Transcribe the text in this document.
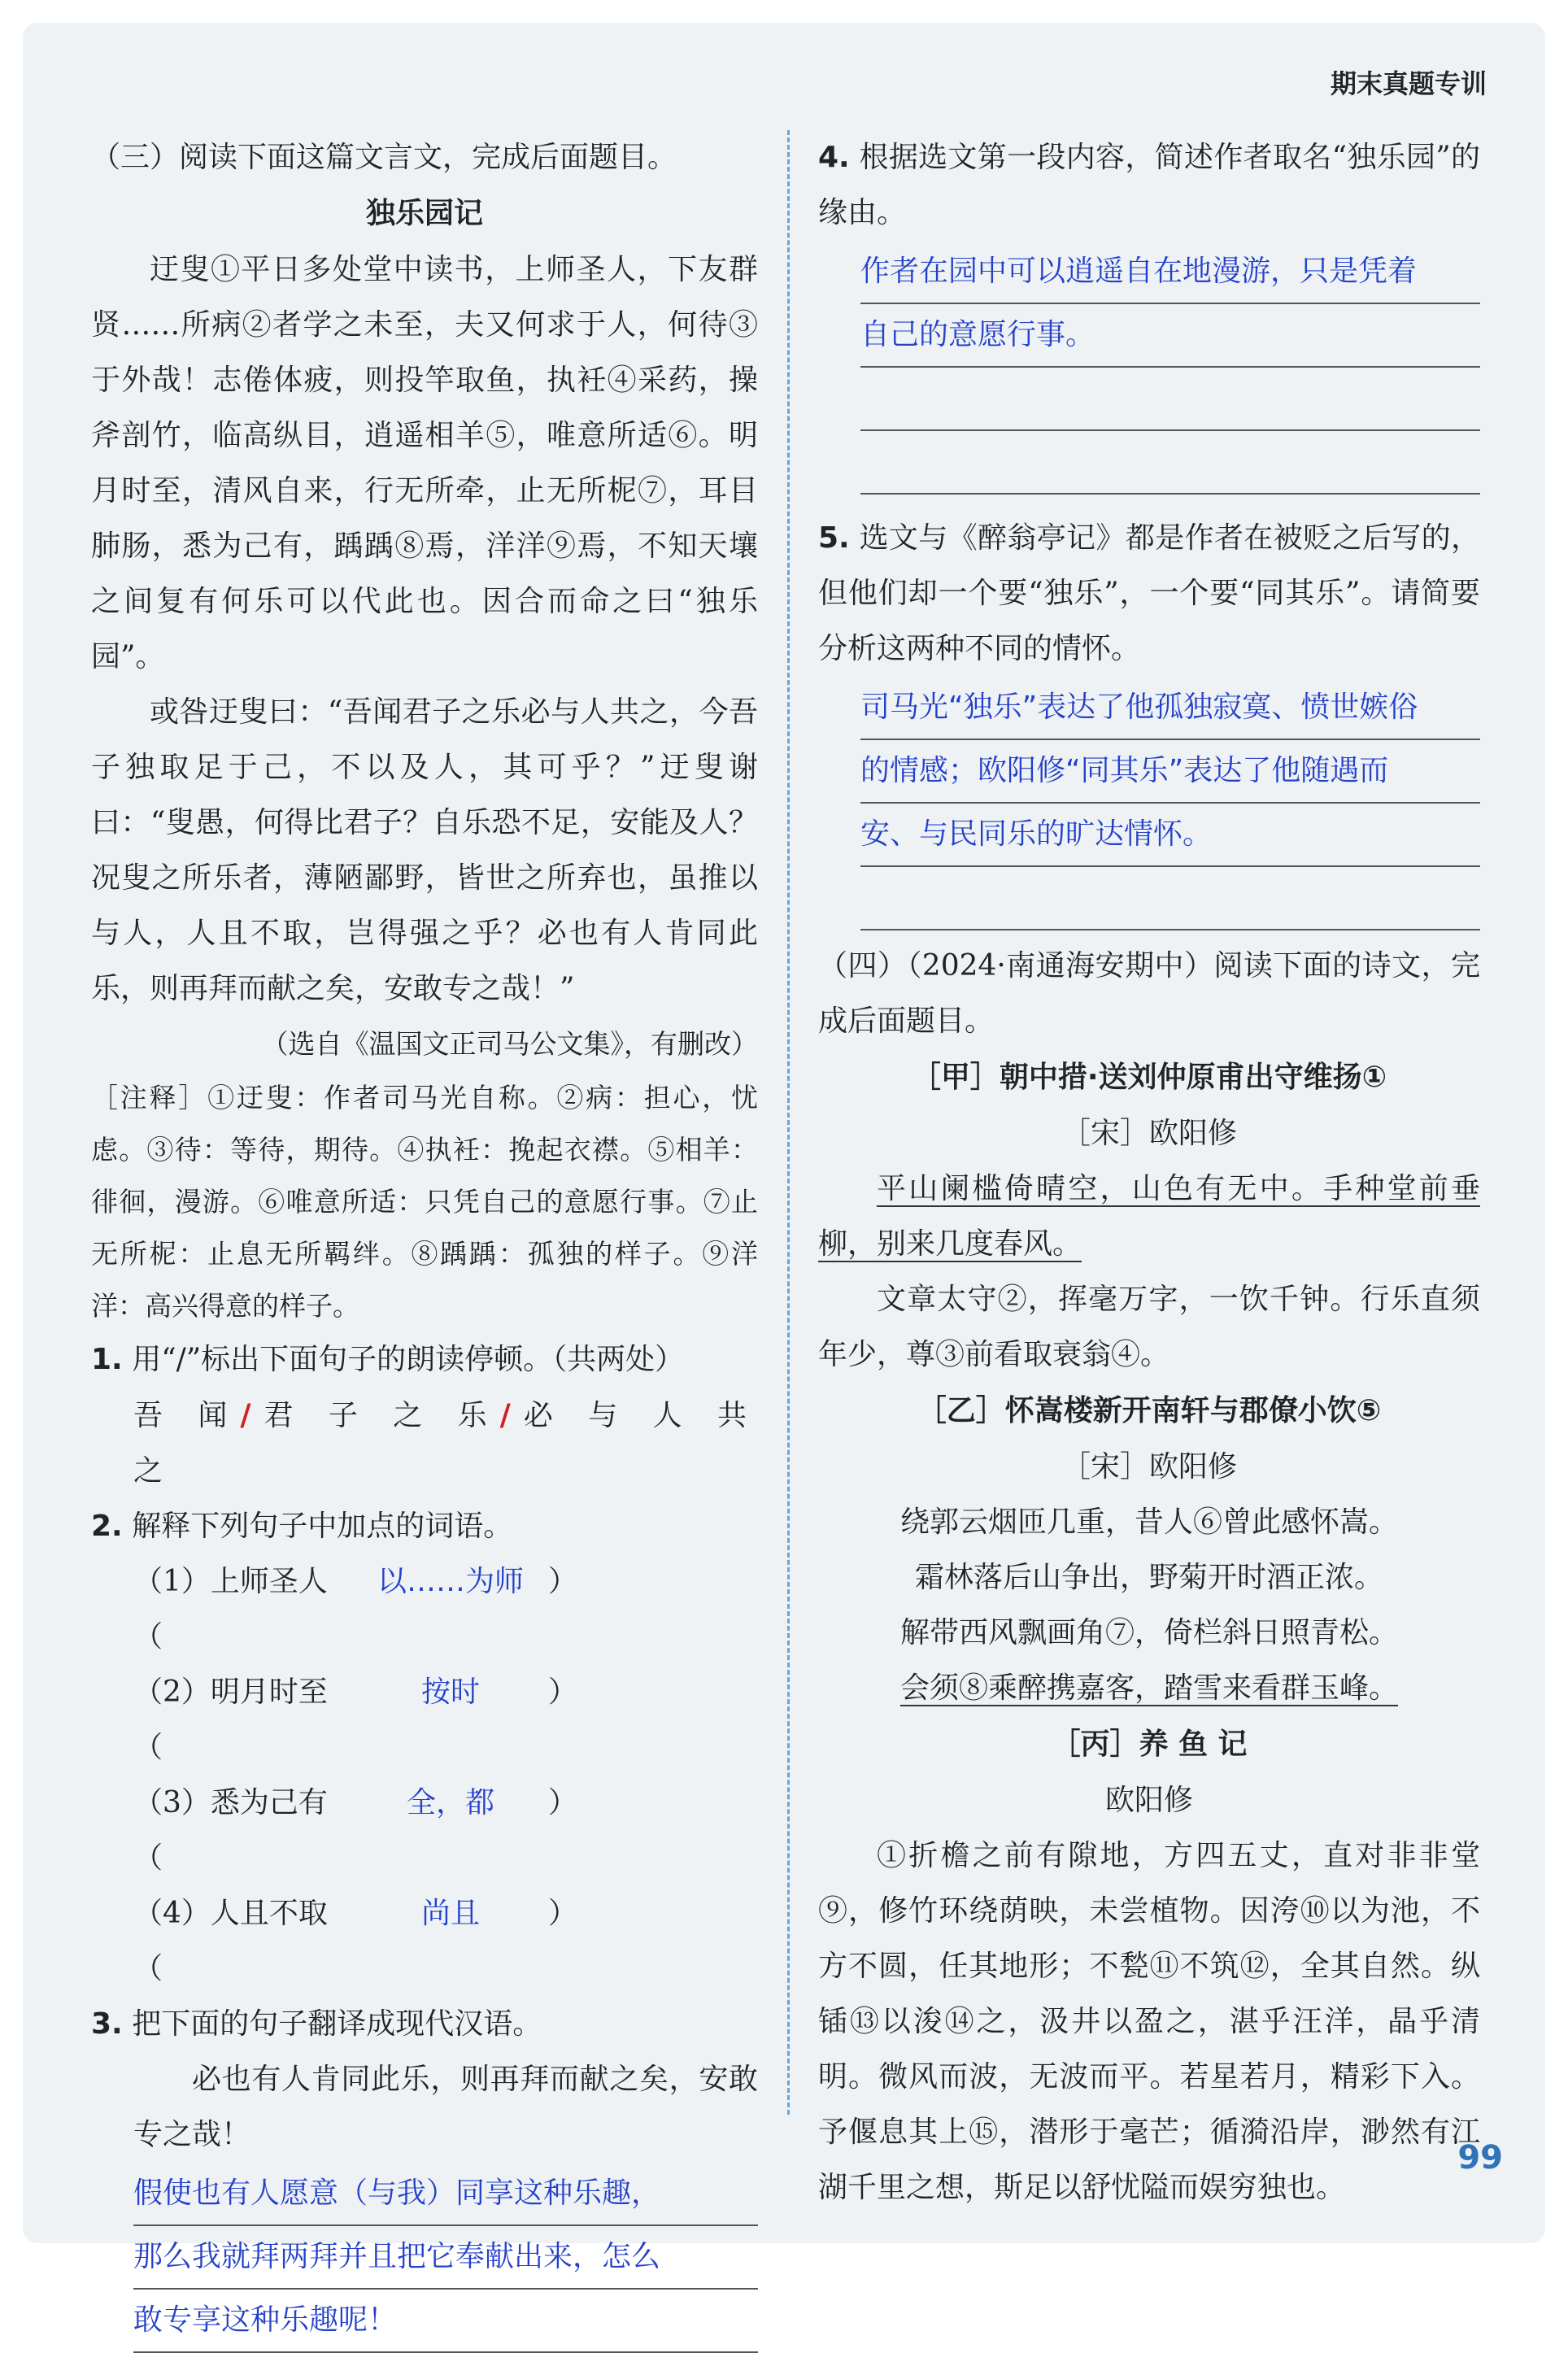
期末真题专训

（三）阅读下面这篇文言文，完成后面题目。

独乐园记

迂叟①平日多处堂中读书，上师圣人，下友群贤……所病②者学之未至，夫又何求于人，何待③于外哉！志倦体疲，则投竿取鱼，执衽④采药，操斧剖竹，临高纵目，逍遥相羊⑤，唯意所适⑥。明月时至，清风自来，行无所牵，止无所柅⑦，耳目肺肠，悉为己有，踽踽⑧焉，洋洋⑨焉，不知天壤之间复有何乐可以代此也。因合而命之曰“独乐园”。

或咎迂叟曰：“吾闻君子之乐必与人共之，今吾子独取足于己，不以及人，其可乎？”迂叟谢曰：“叟愚，何得比君子？自乐恐不足，安能及人？况叟之所乐者，薄陋鄙野，皆世之所弃也，虽推以与人，人且不取，岂得强之乎？必也有人肯同此乐，则再拜而献之矣，安敢专之哉！”

（选自《温国文正司马公文集》，有删改）

［注释］①迂叟：作者司马光自称。②病：担心，忧虑。③待：等待，期待。④执衽：挽起衣襟。⑤相羊：徘徊，漫游。⑥唯意所适：只凭自己的意愿行事。⑦止无所柅：止息无所羁绊。⑧踽踽：孤独的样子。⑨洋洋：高兴得意的样子。

1. 用“/”标出下面句子的朗读停顿。（共两处）

吾 闻/君 子 之 乐/必 与 人 共 之

2. 解释下列句子中加点的词语。

（1）上师圣人（
以……为师 ）
（2）明月时至（
按时	）
（3）悉为己有（
全，都	）
（4）人且不取（
尚且	）

3. 把下面的句子翻译成现代汉语。

必也有人肯同此乐，则再拜而献之矣，安敢专之哉！

假使也有人愿意（与我）同享这种乐趣，
那么我就拜两拜并且把它奉献出来，怎么
敢专享这种乐趣呢！

4. 根据选文第一段内容，简述作者取名“独乐园”的缘由。

作者在园中可以逍遥自在地漫游，只是凭着
自己的意愿行事。

5. 选文与《醉翁亭记》都是作者在被贬之后写的，但他们却一个要“独乐”，一个要“同其乐”。请简要分析这两种不同的情怀。

司马光“独乐”表达了他孤独寂寞、愤世嫉俗
的情感；欧阳修“同其乐”表达了他随遇而
安、与民同乐的旷达情怀。

（四）（2024·南通海安期中）阅读下面的诗文，完成后面题目。

［甲］朝中措·送刘仲原甫出守维扬①

［宋］欧阳修

平山阑槛倚晴空，山色有无中。手种堂前垂柳，别来几度春风。

文章太守②，挥毫万字，一饮千钟。行乐直须年少，尊③前看取衰翁④。

［乙］怀嵩楼新开南轩与郡僚小饮⑤

［宋］欧阳修

绕郭云烟匝几重，昔人⑥曾此感怀嵩。
霜林落后山争出，野菊开时酒正浓。
解带西风飘画角⑦，倚栏斜日照青松。
会须⑧乘醉携嘉客，踏雪来看群玉峰。
［丙］养 鱼 记

欧阳修

①折檐之前有隙地，方四五丈，直对非非堂⑨，修竹环绕荫映，未尝植物。因洿⑩以为池，不方不圆，任其地形；不甃⑪不筑⑫，全其自然。纵锸⑬以浚⑭之，汲井以盈之，湛乎汪洋，晶乎清明。微风而波，无波而平。若星若月，精彩下入。予偃息其上⑮，潜形于毫芒；循漪沿岸，渺然有江湖千里之想，斯足以舒忧隘而娱穷独也。

99
